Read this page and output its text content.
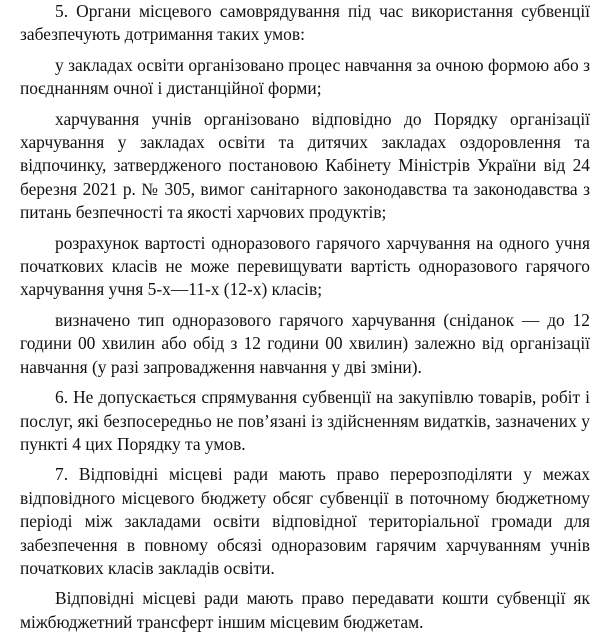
5. Органи місцевого самоврядування під час використання субвенції забезпечують дотримання таких умов:

у закладах освіти організовано процес навчання за очною формою або з поєднанням очної і дистанційної форми;

харчування учнів організовано відповідно до Порядку організації харчування у закладах освіти та дитячих закладах оздоровлення та відпочинку, затвердженого постановою Кабінету Міністрів України від 24 березня 2021 р. № 305, вимог санітарного законодавства та законодавства з питань безпечності та якості харчових продуктів;

розрахунок вартості одноразового гарячого харчування на одного учня початкових класів не може перевищувати вартість одноразового гарячого харчування учня 5-х—11-х (12-х) класів;

визначено тип одноразового гарячого харчування (сніданок — до 12 години 00 хвилин або обід з 12 години 00 хвилин) залежно від організації навчання (у разі запровадження навчання у дві зміни).

6. Не допускається спрямування субвенції на закупівлю товарів, робіт і послуг, які безпосередньо не пов’язані із здійсненням видатків, зазначених у пункті 4 цих Порядку та умов.

7. Відповідні місцеві ради мають право перерозподіляти у межах відповідного місцевого бюджету обсяг субвенції в поточному бюджетному періоді між закладами освіти відповідної територіальної громади для забезпечення в повному обсязі одноразовим гарячим харчуванням учнів початкових класів закладів освіти.

Відповідні місцеві ради мають право передавати кошти субвенції як міжбюджетний трансферт іншим місцевим бюджетам.
